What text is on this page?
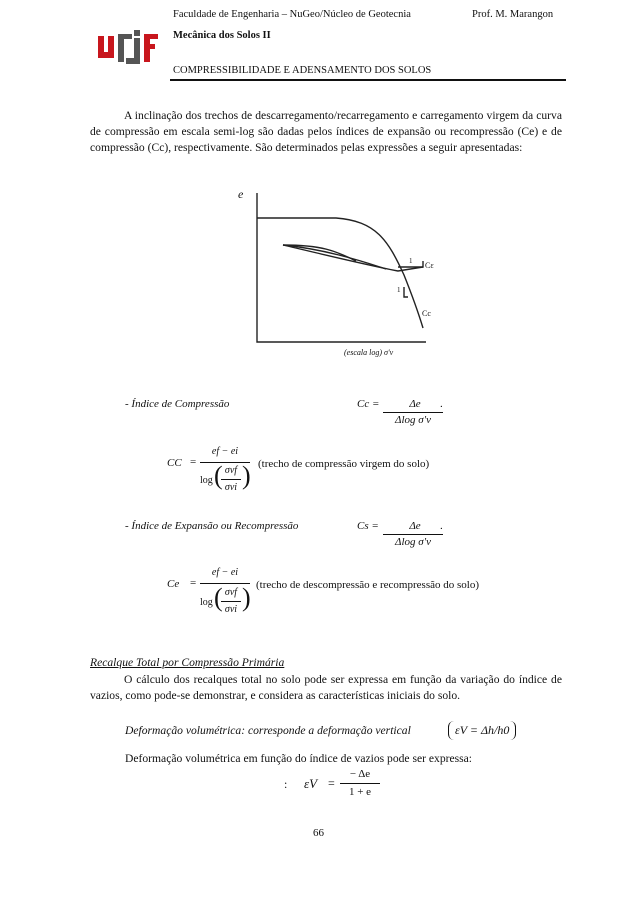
Faculdade de Engenharia – NuGeo/Núcleo de Geotecnia	Prof. M. Marangon
Mecânica dos Solos II
COMPRESSIBILIDADE E ADENSAMENTO DOS SOLOS
A inclinação dos trechos de descarregamento/recarregamento e carregamento virgem da curva de compressão em escala semi-log são dadas pelos índices de expansão ou recompressão (Ce) e de compressão (Cc), respectivamente. São determinados pelas expressões a seguir apresentadas:
e
(escala log) σ'v
Cε
Cc
1
1
- Índice de Compressão	Cc =	Δe	.
Δlog σ'v
CC =
ef − ei
log ( σvf
σvi ) (trecho de compressão virgem do solo)
- Índice de Expansão ou Recompressão	Cs =	Δe	.
Δlog σ'v
Ce =
ef − ei
log ( σvf
σvi ) (trecho de descompressão e recompressão do solo)
Recalque Total por Compressão Primária
O cálculo dos recalques total no solo pode ser expressa em função da variação do índice de vazios, como pode-se demonstrar, e considera as características iniciais do solo.
Deformação volumétrica: corresponde a deformação vertical	εV = Δh/h0
Deformação volumétrica em função do índice de vazios pode ser expressa:
: εV =
− Δe
1 + e
66
